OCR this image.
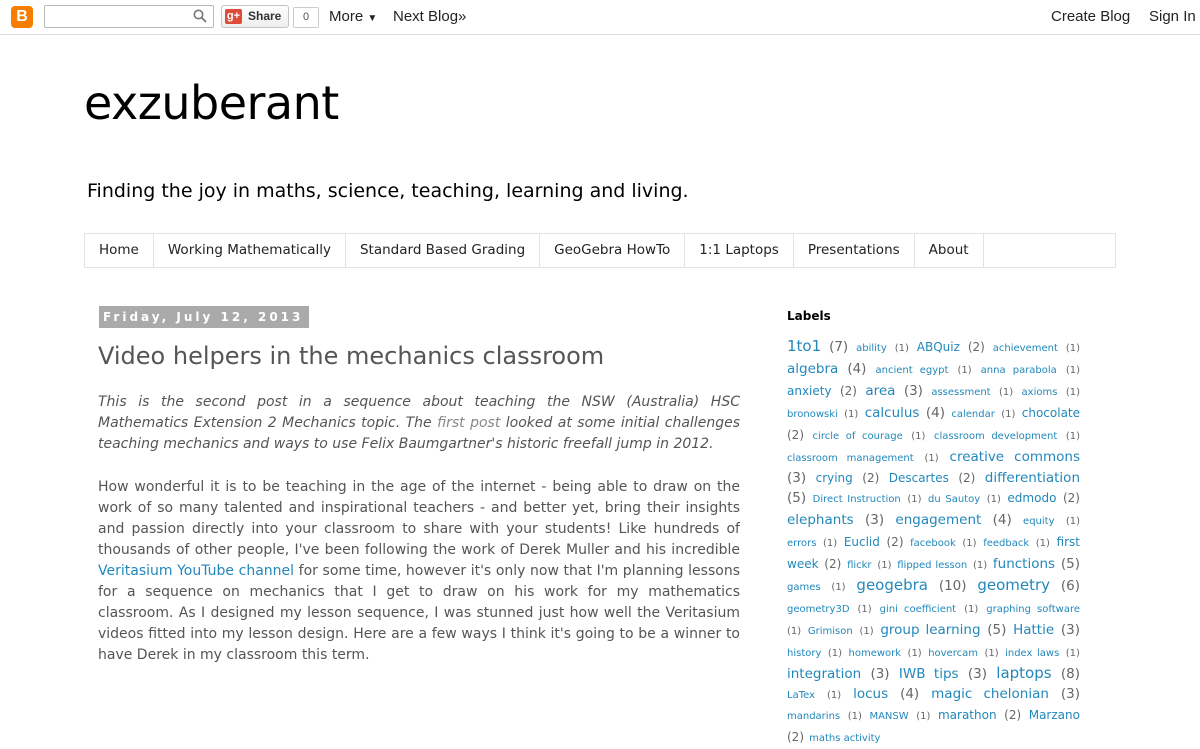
B	g+ Share	0	More ▼ Next Blog»	Create Blog Sign In
exzuberant
Finding the joy in maths, science, teaching, learning and living.
Home	Working Mathematically	Standard Based Grading	GeoGebra HowTo	1:1 Laptops	Presentations	About
Friday, July 12, 2013
Video helpers in the mechanics classroom

This is the second post in a sequence about teaching the NSW (Australia) HSC Mathematics Extension 2 Mechanics topic. The first post looked at some initial challenges teaching mechanics and ways to use Felix Baumgartner's historic freefall jump in 2012.

How wonderful it is to be teaching in the age of the internet - being able to draw on the work of so many talented and inspirational teachers - and better yet, bring their insights and passion directly into your classroom to share with your students! Like hundreds of thousands of other people, I've been following the work of Derek Muller and his incredible Veritasium YouTube channel for some time, however it's only now that I'm planning lessons for a sequence on mechanics that I get to draw on his work for my mathematics classroom. As I designed my lesson sequence, I was stunned just how well the Veritasium videos fitted into my lesson design. Here are a few ways I think it's going to be a winner to have Derek in my classroom this term.

Labels
1to1 (7) ability (1) ABQuiz (2) achievement (1) algebra (4) ancient egypt (1) anna parabola (1) anxiety (2) area (3) assessment (1) axioms (1) bronowski (1) calculus (4) calendar (1) chocolate (2) circle of courage (1) classroom development (1) classroom management (1) creative commons (3) crying (2) Descartes (2) differentiation (5) Direct Instruction (1) du Sautoy (1) edmodo (2) elephants (3) engagement (4) equity (1) errors (1) Euclid (2) facebook (1) feedback (1) first week (2) flickr (1) flipped lesson (1) functions (5) games (1) geogebra (10) geometry (6) geometry3D (1) gini coefficient (1) graphing software (1) Grimison (1) group learning (5) Hattie (3) history (1) homework (1) hovercam (1) index laws (1) integration (3) IWB tips (3) laptops (8) LaTex (1) locus (4) magic chelonian (3) mandarins (1) MANSW (1) marathon (2) Marzano (2) maths activity
